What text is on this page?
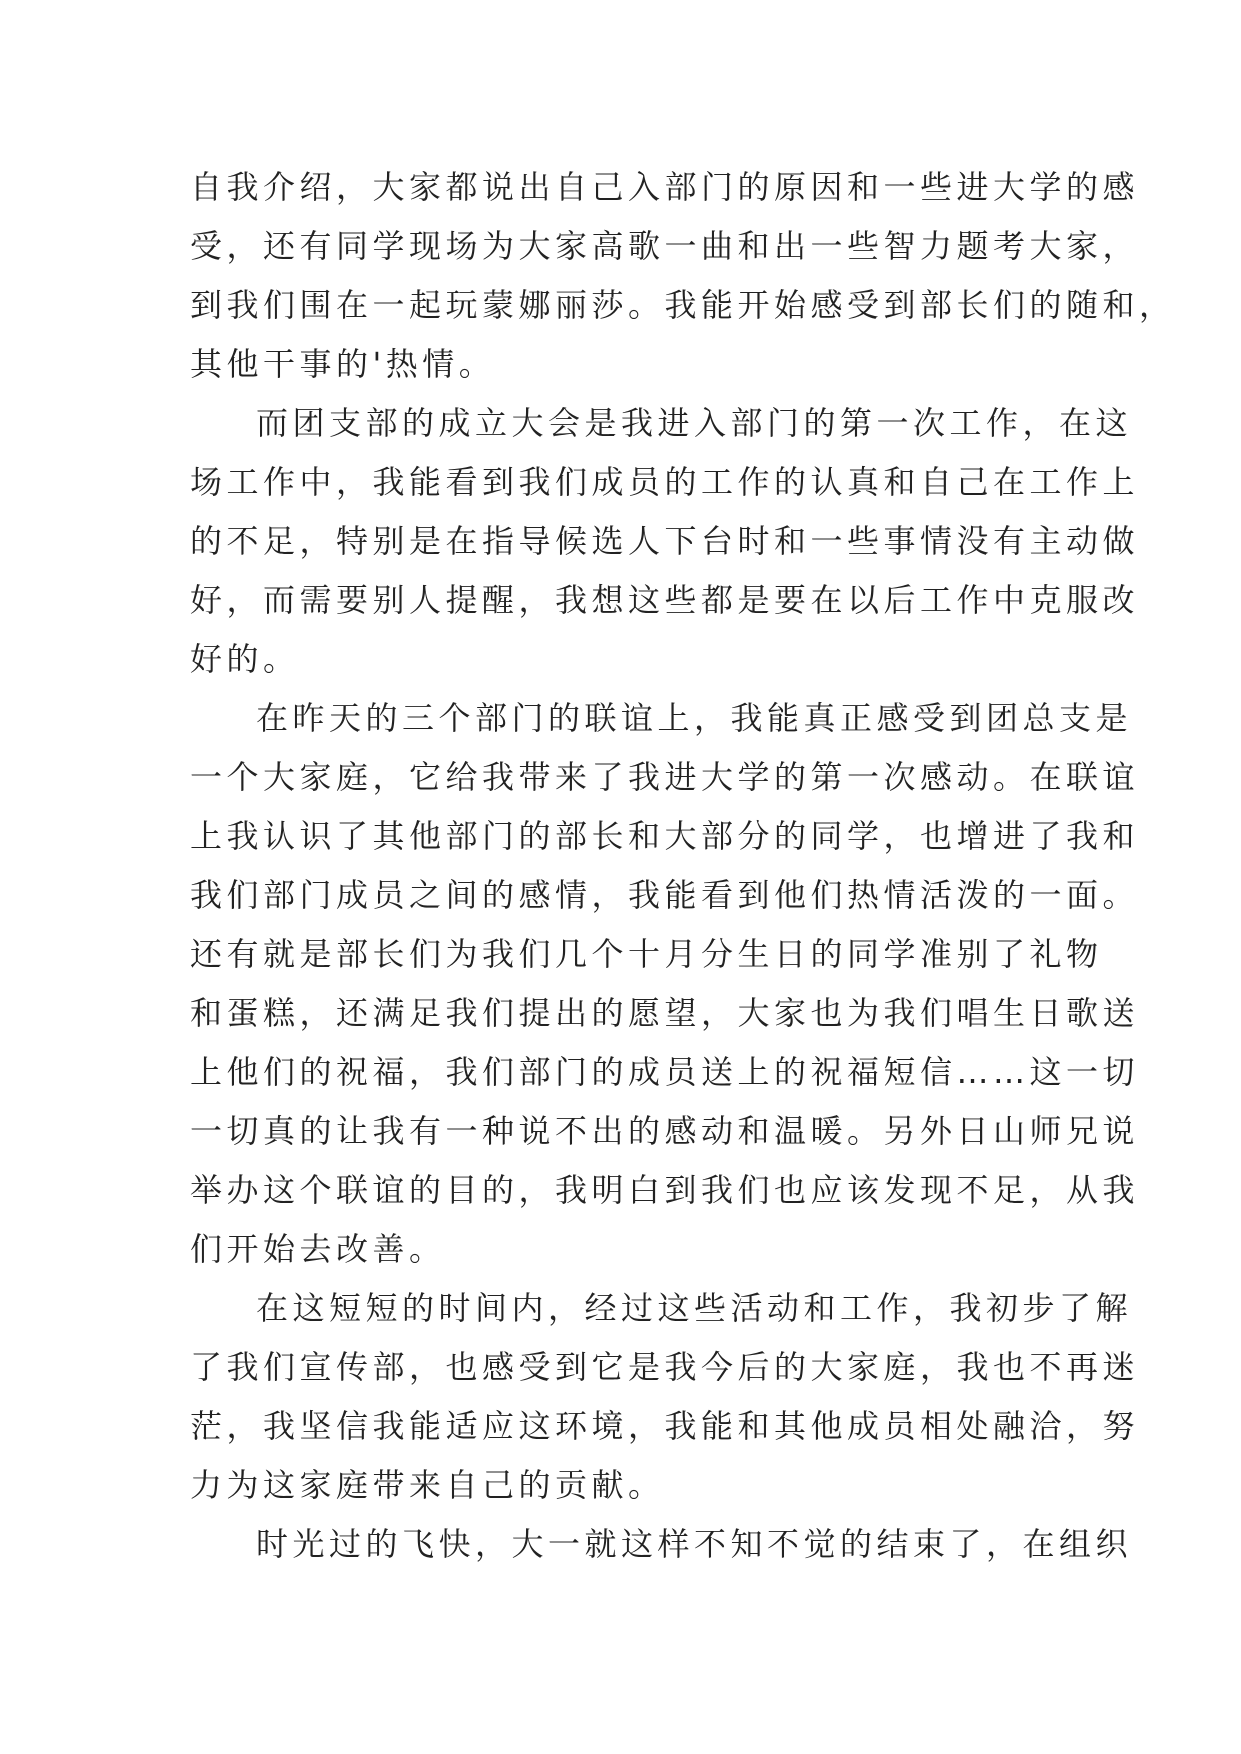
自我介绍，大家都说出自己入部门的原因和一些进大学的感
受，还有同学现场为大家高歌一曲和出一些智力题考大家，
到我们围在一起玩蒙娜丽莎。我能开始感受到部长们的随和，
其他干事的'热情。
而团支部的成立大会是我进入部门的第一次工作，在这
场工作中，我能看到我们成员的工作的认真和自己在工作上
的不足，特别是在指导候选人下台时和一些事情没有主动做
好，而需要别人提醒，我想这些都是要在以后工作中克服改
好的。
在昨天的三个部门的联谊上，我能真正感受到团总支是
一个大家庭，它给我带来了我进大学的第一次感动。在联谊
上我认识了其他部门的部长和大部分的同学，也增进了我和
我们部门成员之间的感情，我能看到他们热情活泼的一面。
还有就是部长们为我们几个十月分生日的同学准别了礼物
和蛋糕，还满足我们提出的愿望，大家也为我们唱生日歌送
上他们的祝福，我们部门的成员送上的祝福短信……这一切
一切真的让我有一种说不出的感动和温暖。另外日山师兄说
举办这个联谊的目的，我明白到我们也应该发现不足，从我
们开始去改善。
在这短短的时间内，经过这些活动和工作，我初步了解
了我们宣传部，也感受到它是我今后的大家庭，我也不再迷
茫，我坚信我能适应这环境，我能和其他成员相处融洽，努
力为这家庭带来自己的贡献。
时光过的飞快，大一就这样不知不觉的结束了，在组织
